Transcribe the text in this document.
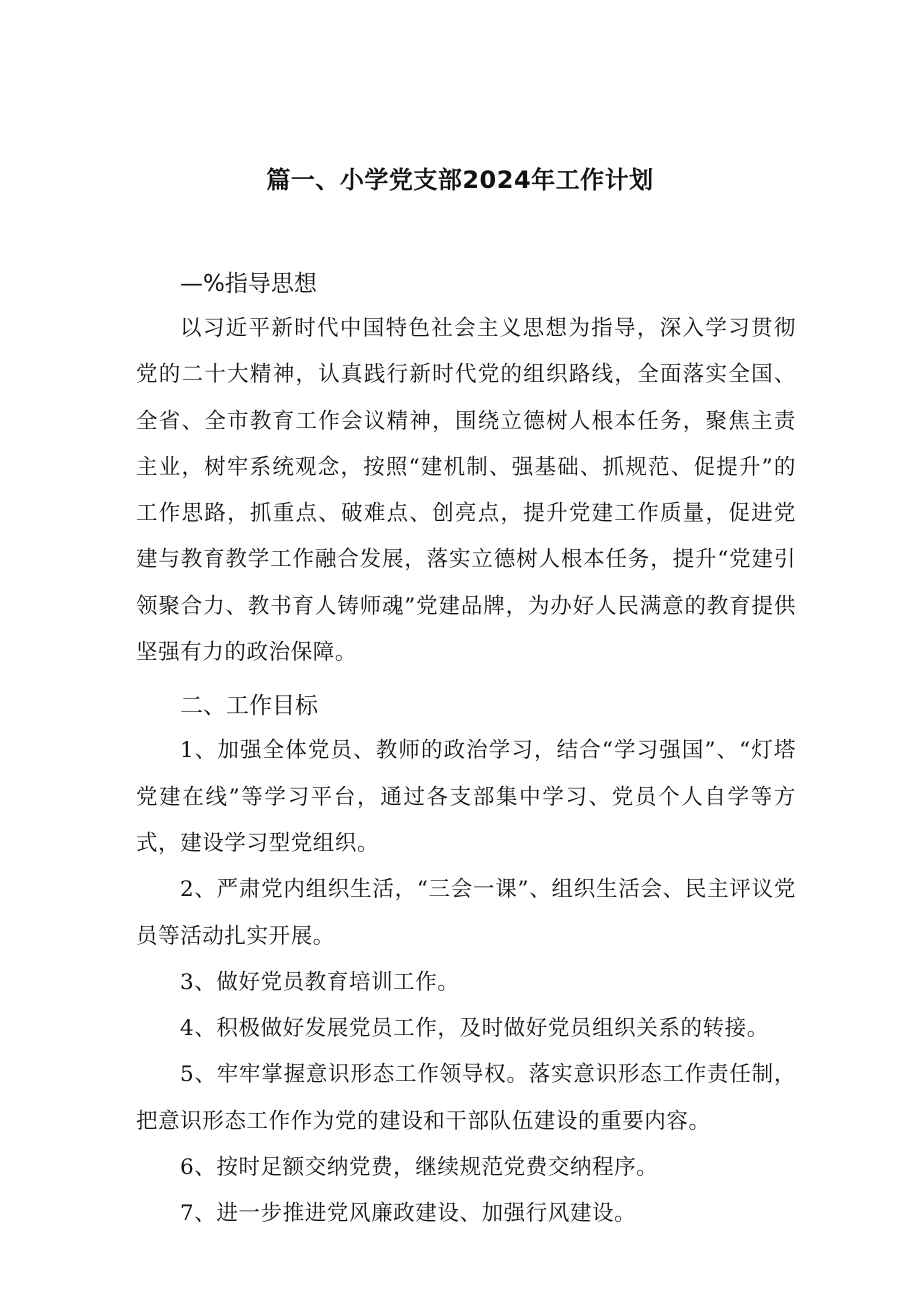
篇一、小学党支部2024年工作计划
—%指导思想

以习近平新时代中国特色社会主义思想为指导，深入学习贯彻党的二十大精神，认真践行新时代党的组织路线，全面落实全国、全省、全市教育工作会议精神，围绕立德树人根本任务，聚焦主责主业，树牢系统观念，按照“建机制、强基础、抓规范、促提升”的工作思路，抓重点、破难点、创亮点，提升党建工作质量，促进党建与教育教学工作融合发展，落实立德树人根本任务，提升“党建引领聚合力、教书育人铸师魂”党建品牌，为办好人民满意的教育提供坚强有力的政治保障。

二、工作目标

1、加强全体党员、教师的政治学习，结合“学习强国”、“灯塔党建在线”等学习平台，通过各支部集中学习、党员个人自学等方式，建设学习型党组织。

2、严肃党内组织生活，“三会一课”、组织生活会、民主评议党员等活动扎实开展。

3、做好党员教育培训工作。

4、积极做好发展党员工作，及时做好党员组织关系的转接。

5、牢牢掌握意识形态工作领导权。落实意识形态工作责任制，把意识形态工作作为党的建设和干部队伍建设的重要内容。

6、按时足额交纳党费，继续规范党费交纳程序。

7、进一步推进党风廉政建设、加强行风建设。
